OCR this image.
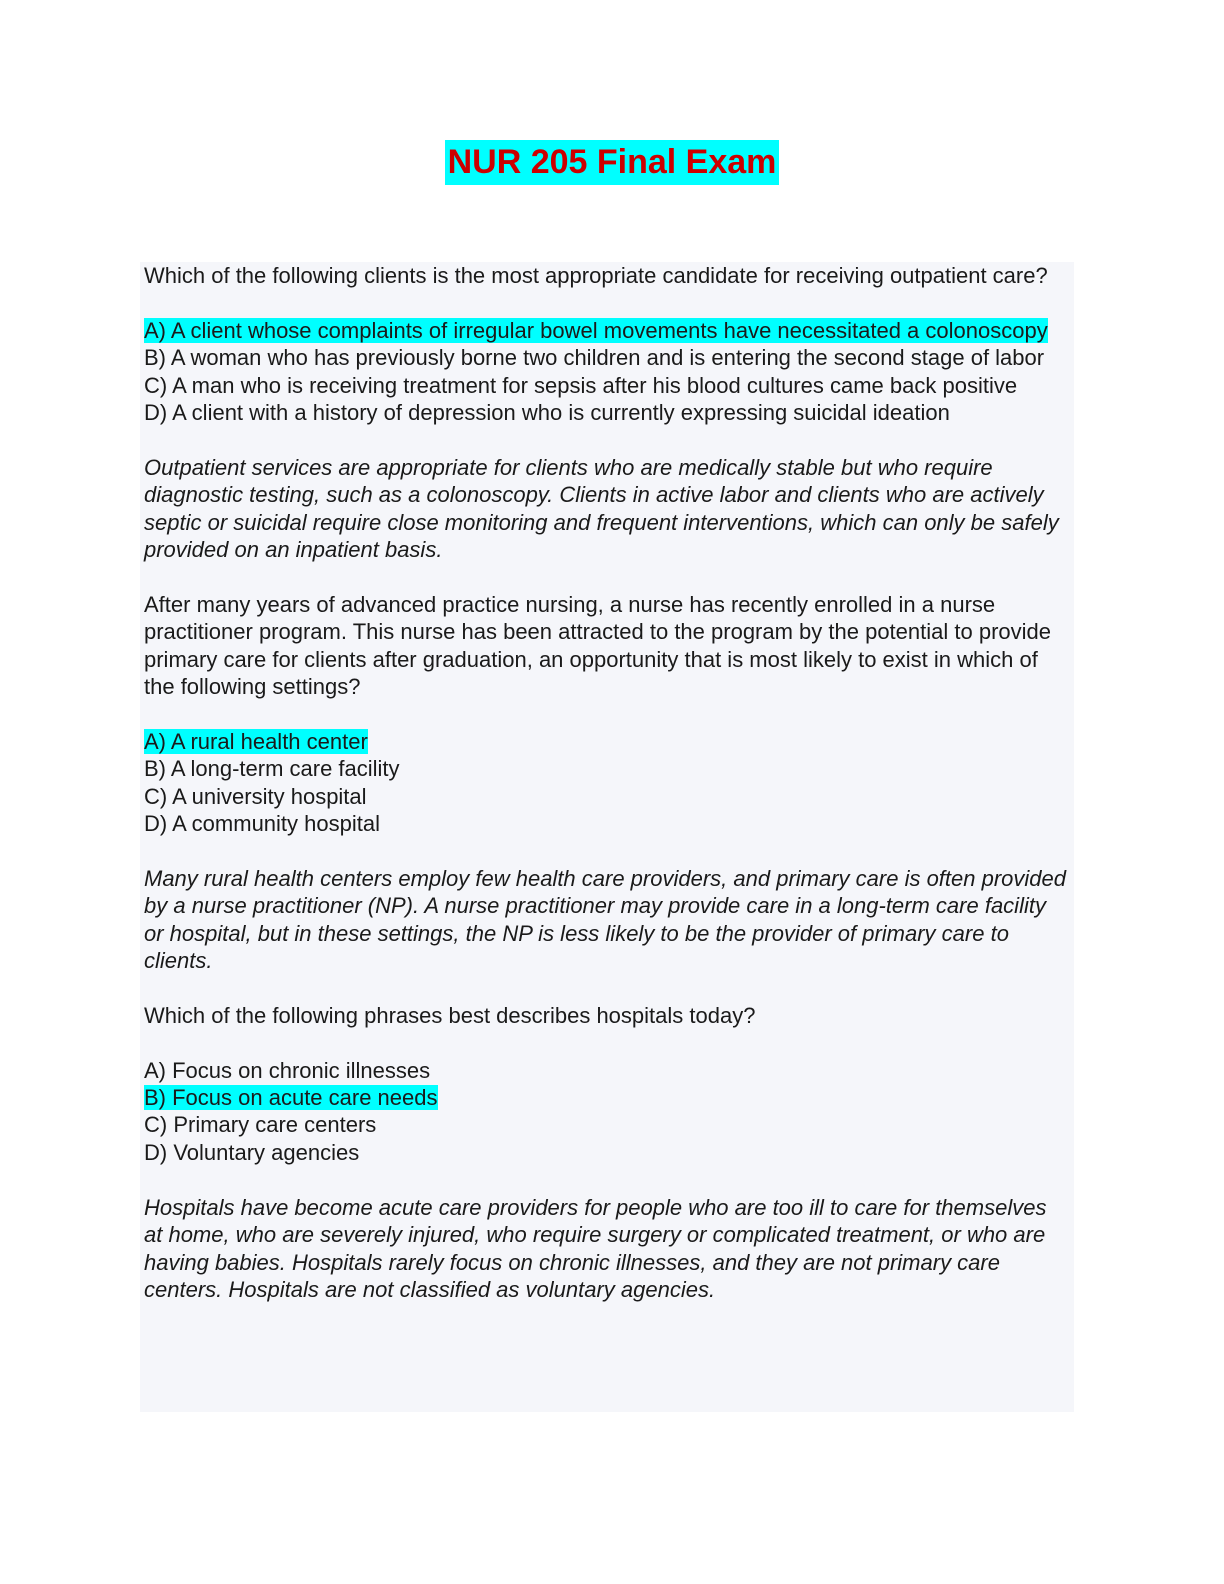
NUR 205 Final Exam

Which of the following clients is the most appropriate candidate for receiving outpatient care?

A) A client whose complaints of irregular bowel movements have necessitated a colonoscopy
B) A woman who has previously borne two children and is entering the second stage of labor
C) A man who is receiving treatment for sepsis after his blood cultures came back positive
D) A client with a history of depression who is currently expressing suicidal ideation

Outpatient services are appropriate for clients who are medically stable but who require diagnostic testing, such as a colonoscopy. Clients in active labor and clients who are actively septic or suicidal require close monitoring and frequent interventions, which can only be safely provided on an inpatient basis.

After many years of advanced practice nursing, a nurse has recently enrolled in a nurse practitioner program. This nurse has been attracted to the program by the potential to provide primary care for clients after graduation, an opportunity that is most likely to exist in which of the following settings?

A) A rural health center
B) A long-term care facility
C) A university hospital
D) A community hospital

Many rural health centers employ few health care providers, and primary care is often provided by a nurse practitioner (NP). A nurse practitioner may provide care in a long-term care facility or hospital, but in these settings, the NP is less likely to be the provider of primary care to clients.

Which of the following phrases best describes hospitals today?

A) Focus on chronic illnesses
B) Focus on acute care needs
C) Primary care centers
D) Voluntary agencies

Hospitals have become acute care providers for people who are too ill to care for themselves at home, who are severely injured, who require surgery or complicated treatment, or who are having babies. Hospitals rarely focus on chronic illnesses, and they are not primary care centers. Hospitals are not classified as voluntary agencies.
